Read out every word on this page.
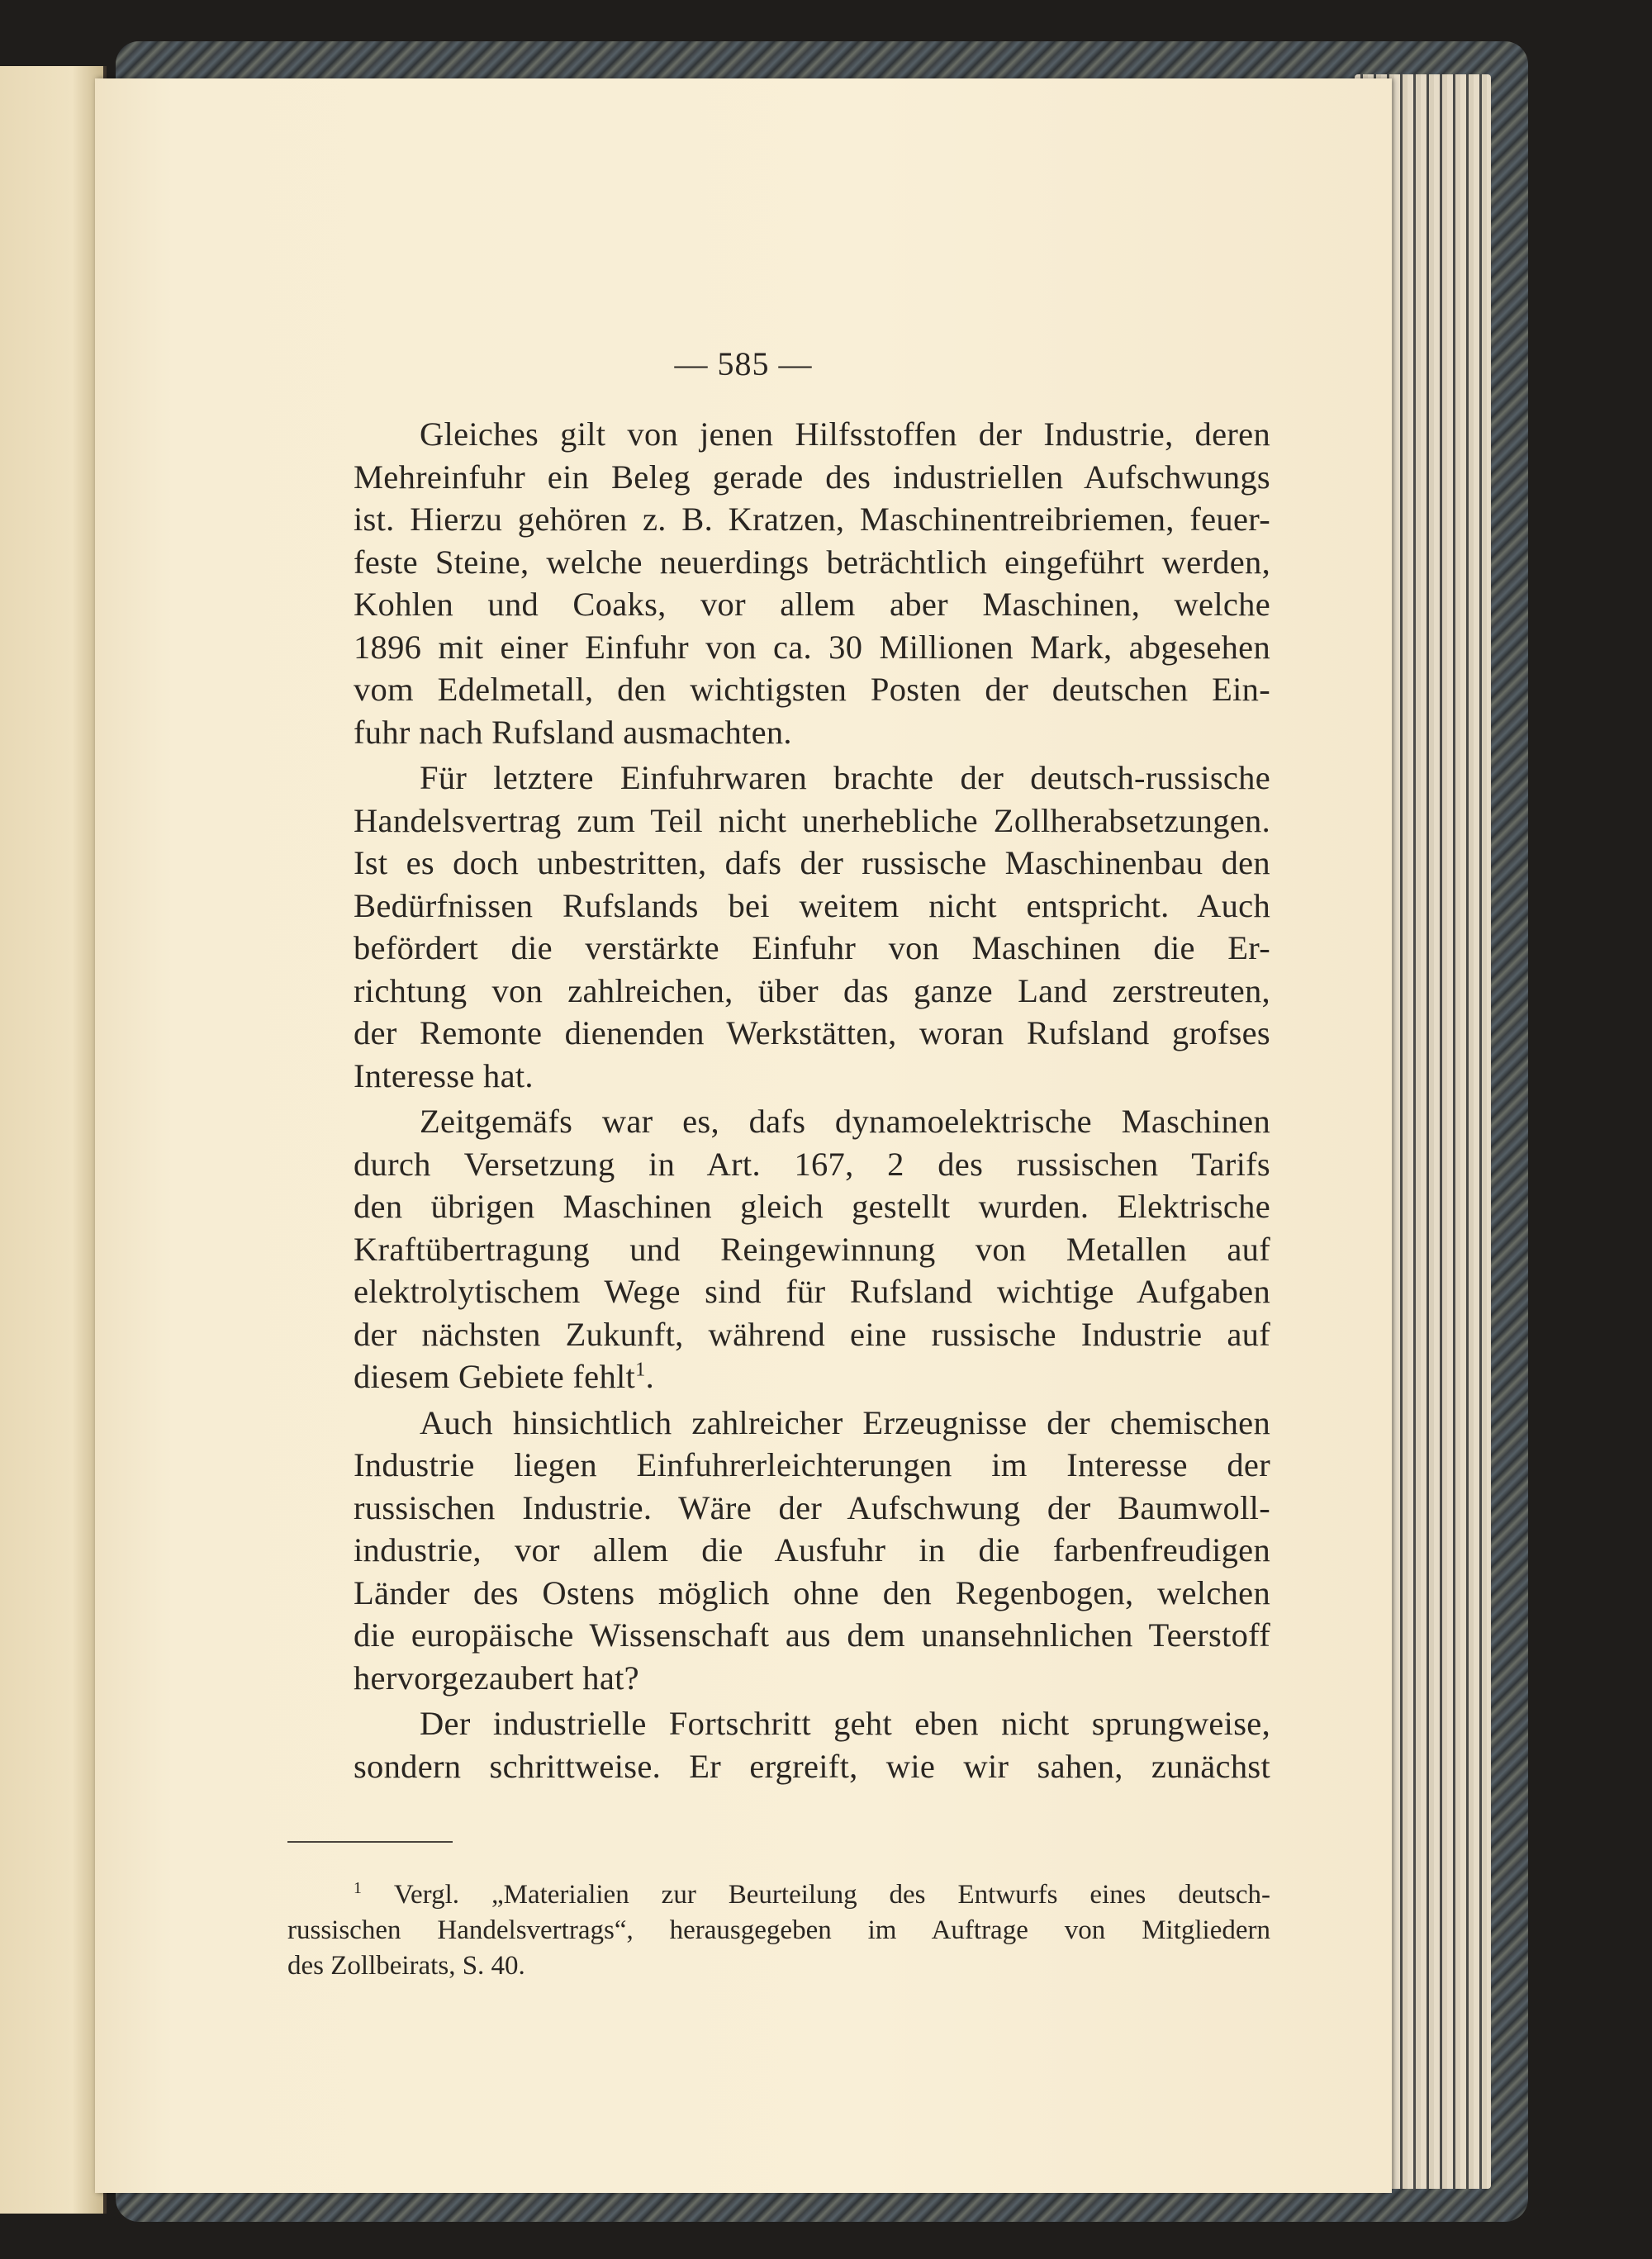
— 585 —
Gleiches gilt von jenen Hilfsstoffen der Industrie, deren
Mehreinfuhr ein Beleg gerade des industriellen Aufschwungs
ist. Hierzu gehören z. B. Kratzen, Maschinentreibriemen, feuer-
feste Steine, welche neuerdings beträchtlich eingeführt werden,
Kohlen und Coaks, vor allem aber Maschinen, welche
1896 mit einer Einfuhr von ca. 30 Millionen Mark, abgesehen
vom Edelmetall, den wichtigsten Posten der deutschen Ein-
fuhr nach Rufsland ausmachten.
Für letztere Einfuhrwaren brachte der deutsch-russische
Handelsvertrag zum Teil nicht unerhebliche Zollherabsetzungen.
Ist es doch unbestritten, dafs der russische Maschinenbau den
Bedürfnissen Rufslands bei weitem nicht entspricht. Auch
befördert die verstärkte Einfuhr von Maschinen die Er-
richtung von zahlreichen, über das ganze Land zerstreuten,
der Remonte dienenden Werkstätten, woran Rufsland grofses
Interesse hat.
Zeitgemäfs war es, dafs dynamoelektrische Maschinen
durch Versetzung in Art. 167, 2 des russischen Tarifs
den übrigen Maschinen gleich gestellt wurden. Elektrische
Kraftübertragung und Reingewinnung von Metallen auf
elektrolytischem Wege sind für Rufsland wichtige Aufgaben
der nächsten Zukunft, während eine russische Industrie auf
diesem Gebiete fehlt$^1$.
Auch hinsichtlich zahlreicher Erzeugnisse der chemischen
Industrie liegen Einfuhrerleichterungen im Interesse der
russischen Industrie. Wäre der Aufschwung der Baumwoll-
industrie, vor allem die Ausfuhr in die farbenfreudigen
Länder des Ostens möglich ohne den Regenbogen, welchen
die europäische Wissenschaft aus dem unansehnlichen Teerstoff
hervorgezaubert hat?
Der industrielle Fortschritt geht eben nicht sprungweise,
sondern schrittweise. Er ergreift, wie wir sahen, zunächst
$^1$ Vergl. „Materialien zur Beurteilung des Entwurfs eines deutsch-
russischen Handelsvertrags“, herausgegeben im Auftrage von Mitgliedern
des Zollbeirats, S. 40.
